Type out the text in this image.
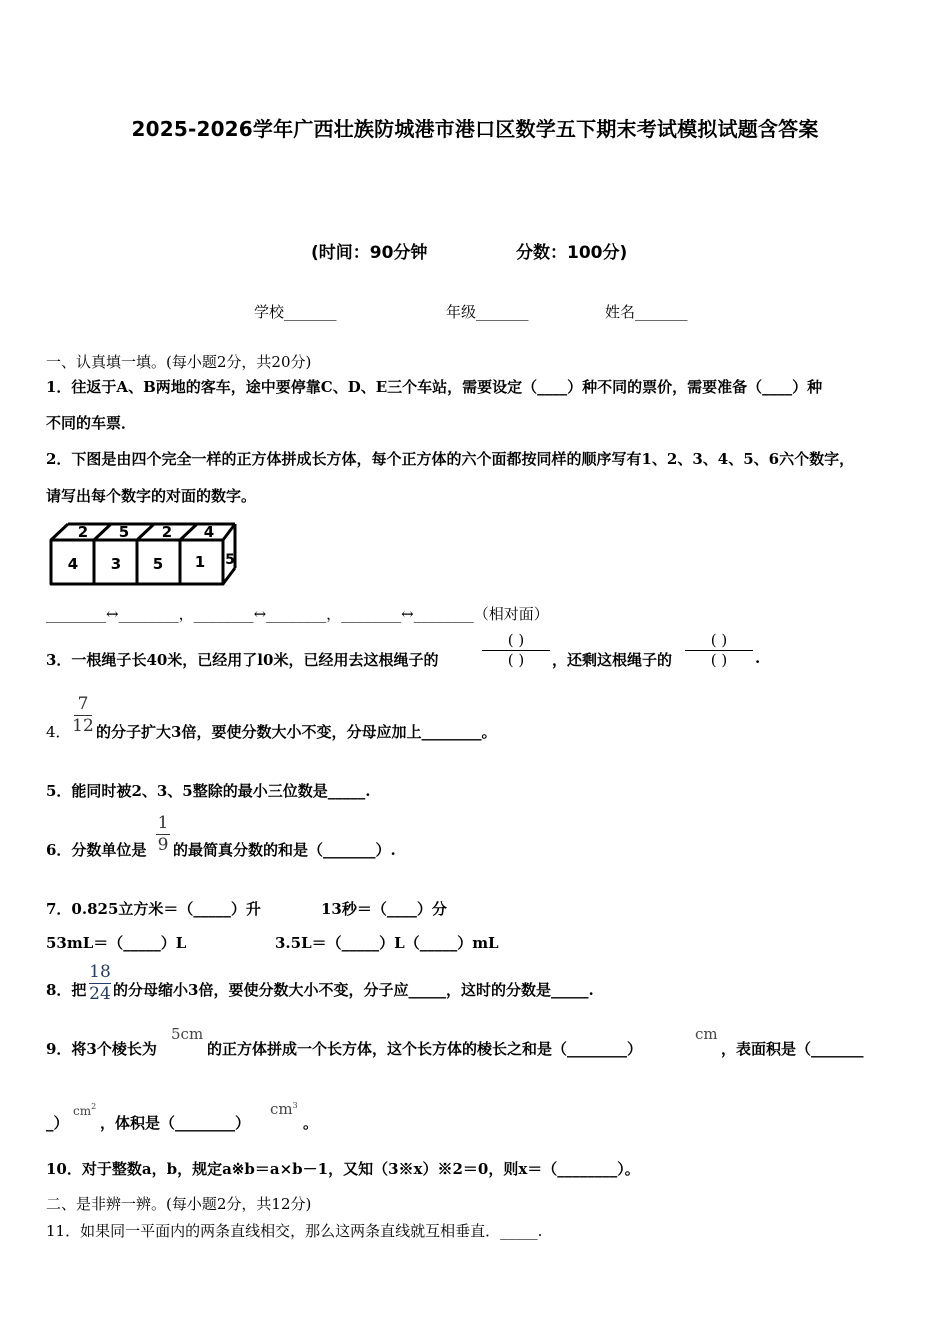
2025-2026学年广西壮族防城港市港口区数学五下期末考试模拟试题含答案
(时间：90分钟	分数：100分)
学校_______	年级_______	姓名_______
一、认真填一填。(每小题2分，共20分)
1．往返于A、B两地的客车，途中要停靠C、D、E三个车站，需要设定（____）种不同的票价，需要准备（____）种
不同的车票．
2．下图是由四个完全一样的正方体拼成长方体，每个正方体的六个面都按同样的顺序写有1、2、3、4、5、6六个数字，
请写出每个数字的对面的数字。
2 5 2 4
4 3 5 1 5
________↔________，________↔________，________↔________（相对面）
3．一根绳子长40米，已经用了l0米，已经用去这根绳子的
( )
( )	，还剩这根绳子的
( )
( )	.
4．
7
12 的分子扩大3倍，要使分数大小不变，分母应加上________。
5．能同时被2、3、5整除的最小三位数是_____.
6．分数单位是
1
9 的最简真分数的和是（_______）.
7．0.825立方米＝（_____）升	13秒＝（____）分
53mL＝（_____）L	3.5L＝（_____）L（_____）mL
8．把
18
24 的分母缩小3倍，要使分数大小不变，分子应_____，这时的分数是_____.
9．将3个棱长为
5cm
的正方体拼成一个长方体，这个长方体的棱长之和是（________）
cm
，表面积是（_______
_）
$cm^2$
，体积是（________）
$cm^3$
。
10．对于整数a，b，规定a※b＝a×b－1，又知（3※x）※2＝0，则x＝（________）。
二、是非辨一辨。(每小题2分，共12分)
11．如果同一平面内的两条直线相交，那么这两条直线就互相垂直．_____.
